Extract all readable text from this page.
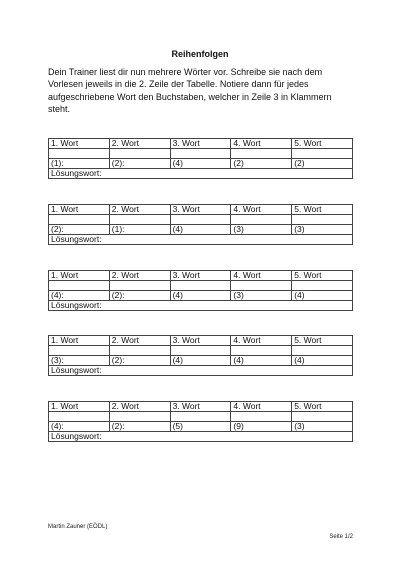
Reihenfolgen
Dein Trainer liest dir nun mehrere Wörter vor. Schreibe sie nach dem Vorlesen jeweils in die 2. Zeile der Tabelle. Notiere dann für jedes aufgeschriebene Wort den Buchstaben, welcher in Zeile 3 in Klammern steht.
1. Wort	2. Wort	3. Wort	4. Wort	5. Wort

(1):	(2):	(4)	(2)	(2)
Lösungswort:				
1. Wort	2. Wort	3. Wort	4. Wort	5. Wort

(2):	(1):	(4)	(3)	(3)
Lösungswort:				
1. Wort	2. Wort	3. Wort	4. Wort	5. Wort

(4):	(2):	(4)	(3)	(4)
Lösungswort:				
1. Wort	2. Wort	3. Wort	4. Wort	5. Wort

(3):	(2):	(4)	(4)	(4)
Lösungswort:				
1. Wort	2. Wort	3. Wort	4. Wort	5. Wort

(4):	(2):	(5)	(9)	(3)
Lösungswort:				
Martin Zauner (EÖDL)
Seite 1/2
